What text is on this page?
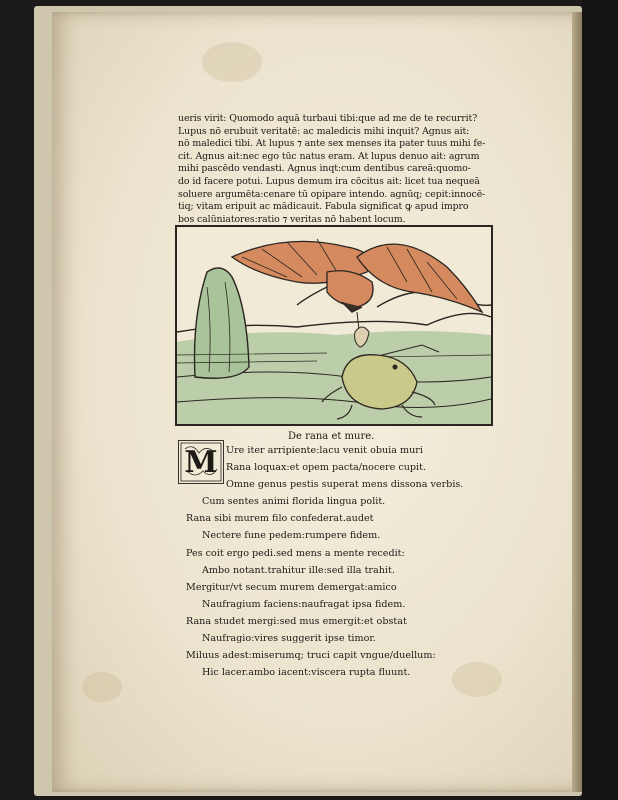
ueris virit: Quomodo aquā turbaui tibi:que ad me de te recurrit?
Lupus nō erubuit veritatē: ac maledicis mihi inquit? Agnus ait:
nō maledici tibi. At lupus ⁊ ante sex menses ita pater tuus mihi fe-
cit. Agnus ait:nec ego tūc natus eram. At lupus denuo ait: agrum
mihi pascēdo vendasti. Agnus inqt:cum dentibus careā:quomo-
do id facere potui. Lupus demum ira cōcitus ait: licet tua nequeā
soluere argumēta:cenare tū opipare intendo. agnūq; cepit:innocē-
tiq; vitam eripuit ac mādicauit. Fabula significat ꝙ apud impro
bos calūniatores:ratio ⁊ veritas nō habent locum.
De rana et mure.
M Ure iter arripiente:lacu venit obuia muri
Rana loquax:et opem pacta/nocere cupit.
Omne genus pestis superat mens dissona verbis.
Cum sentes animi florida lingua polit.
Rana sibi murem filo confederat.audet
Nectere fune pedem:rumpere fidem.
Pes coit ergo pedi.sed mens a mente recedit:
Ambo notant.trahitur ille:sed illa trahit.
Mergitur/vt secum murem demergat:amico
Naufragium faciens:naufragat ipsa fidem.
Rana studet mergi:sed mus emergit:et obstat
Naufragio:vires suggerit ipse timor.
Miluus adest:miserumq; truci capit vngue/duellum:
Hic lacer.ambo iacent:viscera rupta fluunt.
